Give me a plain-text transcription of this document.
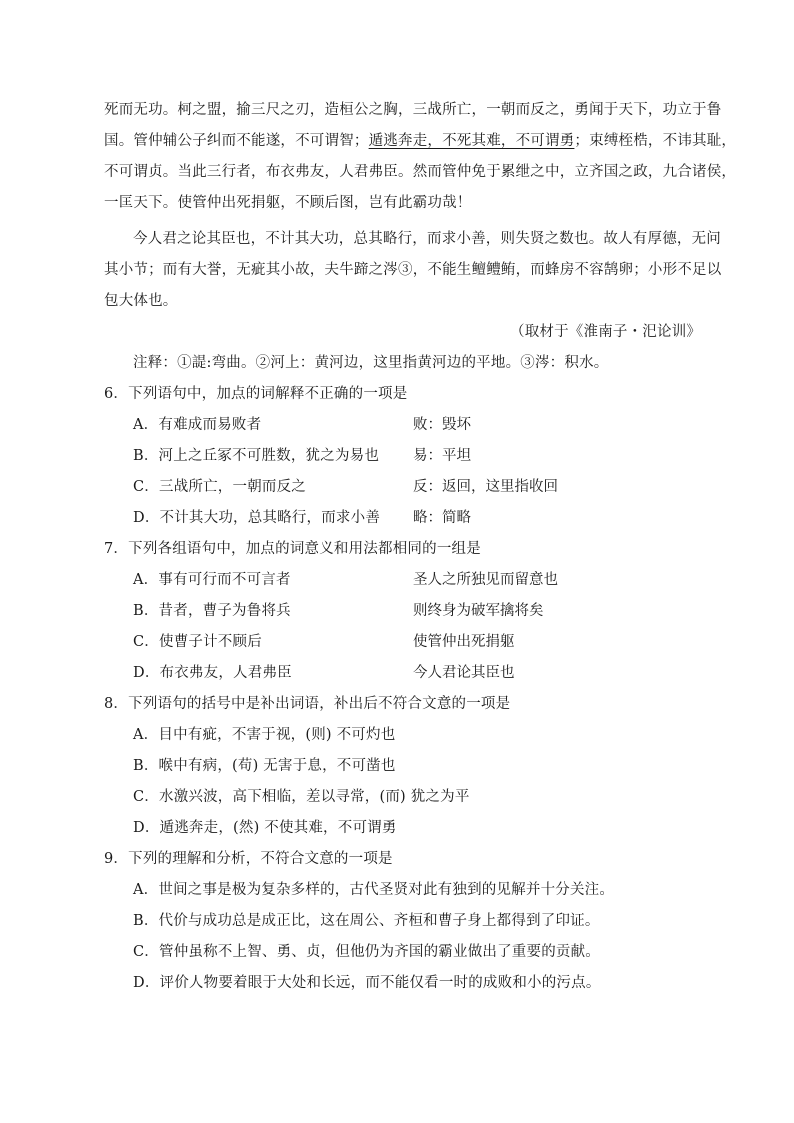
死而无功。柯之盟，揄三尺之刃，造桓公之胸，三战所亡，一朝而反之，勇闻于天下，功立于鲁
国。管仲辅公子纠而不能遂，不可谓智；遁逃奔走，不死其难，不可谓勇；束缚桎梏，不讳其耻，
不可谓贞。当此三行者，布衣弗友，人君弗臣。然而管仲免于累绁之中，立齐国之政，九合诸侯，
一匡天下。使管仲出死捐躯，不顾后图，岂有此霸功哉！
今人君之论其臣也，不计其大功，总其略行，而求小善，则失贤之数也。故人有厚德，无问
其小节；而有大誉，无疵其小故，夫牛蹄之涔③，不能生鳣鳢鲔，而蜂房不容鹄卵；小形不足以
包大体也。
（取材于《淮南子・汜论训》
注释：①諟:弯曲。②河上：黄河边，这里指黄河边的平地。③涔：积水。
6．下列语句中，加点的词解释不正确的一项是
A．有难成而易败者	败：毁坏
B．河上之丘冢不可胜数，犹之为易也 易：平坦
C．三战所亡，一朝而反之	反：返回，这里指收回
D．不计其大功，总其略行，而求小善 略：简略
7．下列各组语句中，加点的词意义和用法都相同的一组是
A．事有可行而不可言者	圣人之所独见而留意也
B．昔者，曹子为鲁将兵	则终身为破军擒将矣
C．使曹子计不顾后	使管仲出死捐躯
D．布衣弗友，人君弗臣	今人君论其臣也
8．下列语句的括号中是补出词语，补出后不符合文意的一项是
A．目中有疵，不害于视，(则) 不可灼也
B．喉中有病，(苟) 无害于息，不可凿也
C．水激兴波，高下相临，差以寻常，(而) 犹之为平
D．遁逃奔走，(然) 不使其难，不可谓勇
9．下列的理解和分析，不符合文意的一项是
A．世间之事是极为复杂多样的，古代圣贤对此有独到的见解并十分关注。
B．代价与成功总是成正比，这在周公、齐桓和曹子身上都得到了印证。
C．管仲虽称不上智、勇、贞，但他仍为齐国的霸业做出了重要的贡献。
D．评价人物要着眼于大处和长远，而不能仅看一时的成败和小的污点。
